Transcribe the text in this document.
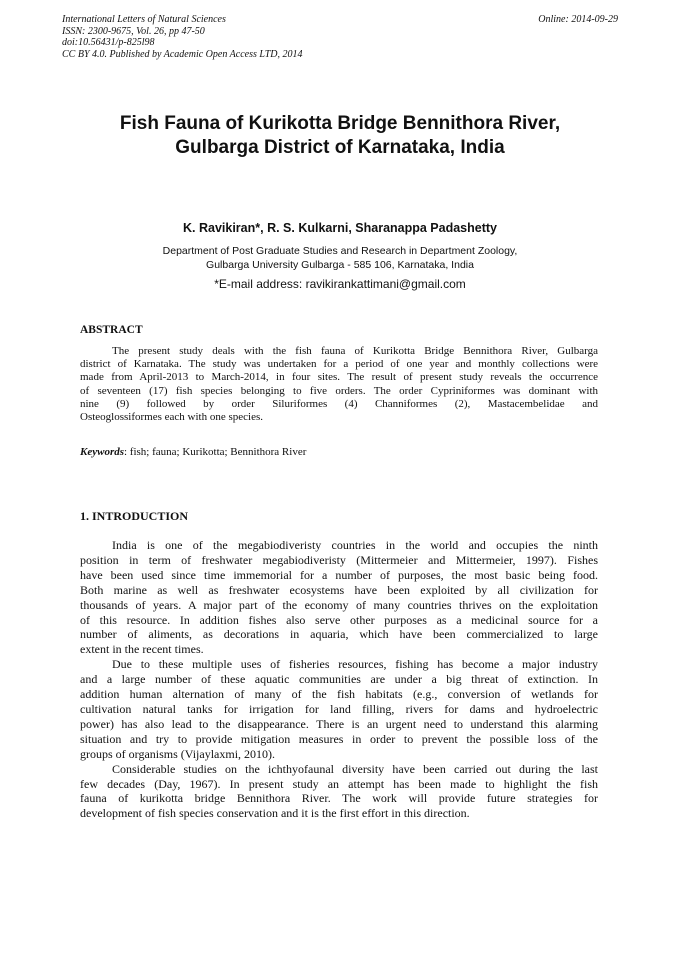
International Letters of Natural Sciences
ISSN: 2300-9675, Vol. 26, pp 47-50
doi:10.56431/p-825l98
CC BY 4.0. Published by Academic Open Access LTD, 2014
Online: 2014-09-29
Fish Fauna of Kurikotta Bridge Bennithora River,
Gulbarga District of Karnataka, India
K. Ravikiran*, R. S. Kulkarni, Sharanappa Padashetty
Department of Post Graduate Studies and Research in Department Zoology,
Gulbarga University Gulbarga - 585 106, Karnataka, India
*E-mail address: ravikirankattimani@gmail.com
ABSTRACT
The present study deals with the fish fauna of Kurikotta Bridge Bennithora River, Gulbarga
district of Karnataka. The study was undertaken for a period of one year and monthly collections were
made from April-2013 to March-2014, in four sites. The result of present study reveals the occurrence
of seventeen (17) fish species belonging to five orders. The order Cypriniformes was dominant with
nine (9) followed by order Siluriformes (4) Channiformes (2), Mastacembelidae and
Osteoglossiformes each with one species.
Keywords: fish; fauna; Kurikotta; Bennithora River
1. INTRODUCTION
India is one of the megabiodiveristy countries in the world and occupies the ninth
position in term of freshwater megabiodiveristy (Mittermeier and Mittermeier, 1997). Fishes
have been used since time immemorial for a number of purposes, the most basic being food.
Both marine as well as freshwater ecosystems have been exploited by all civilization for
thousands of years. A major part of the economy of many countries thrives on the exploitation
of this resource. In addition fishes also serve other purposes as a medicinal source for a
number of aliments, as decorations in aquaria, which have been commercialized to large
extent in the recent times.
Due to these multiple uses of fisheries resources, fishing has become a major industry
and a large number of these aquatic communities are under a big threat of extinction. In
addition human alternation of many of the fish habitats (e.g., conversion of wetlands for
cultivation natural tanks for irrigation for land filling, rivers for dams and hydroelectric
power) has also lead to the disappearance. There is an urgent need to understand this alarming
situation and try to provide mitigation measures in order to prevent the possible loss of the
groups of organisms (Vijaylaxmi, 2010).
Considerable studies on the ichthyofaunal diversity have been carried out during the last
few decades (Day, 1967). In present study an attempt has been made to highlight the fish
fauna of kurikotta bridge Bennithora River. The work will provide future strategies for
development of fish species conservation and it is the first effort in this direction.
